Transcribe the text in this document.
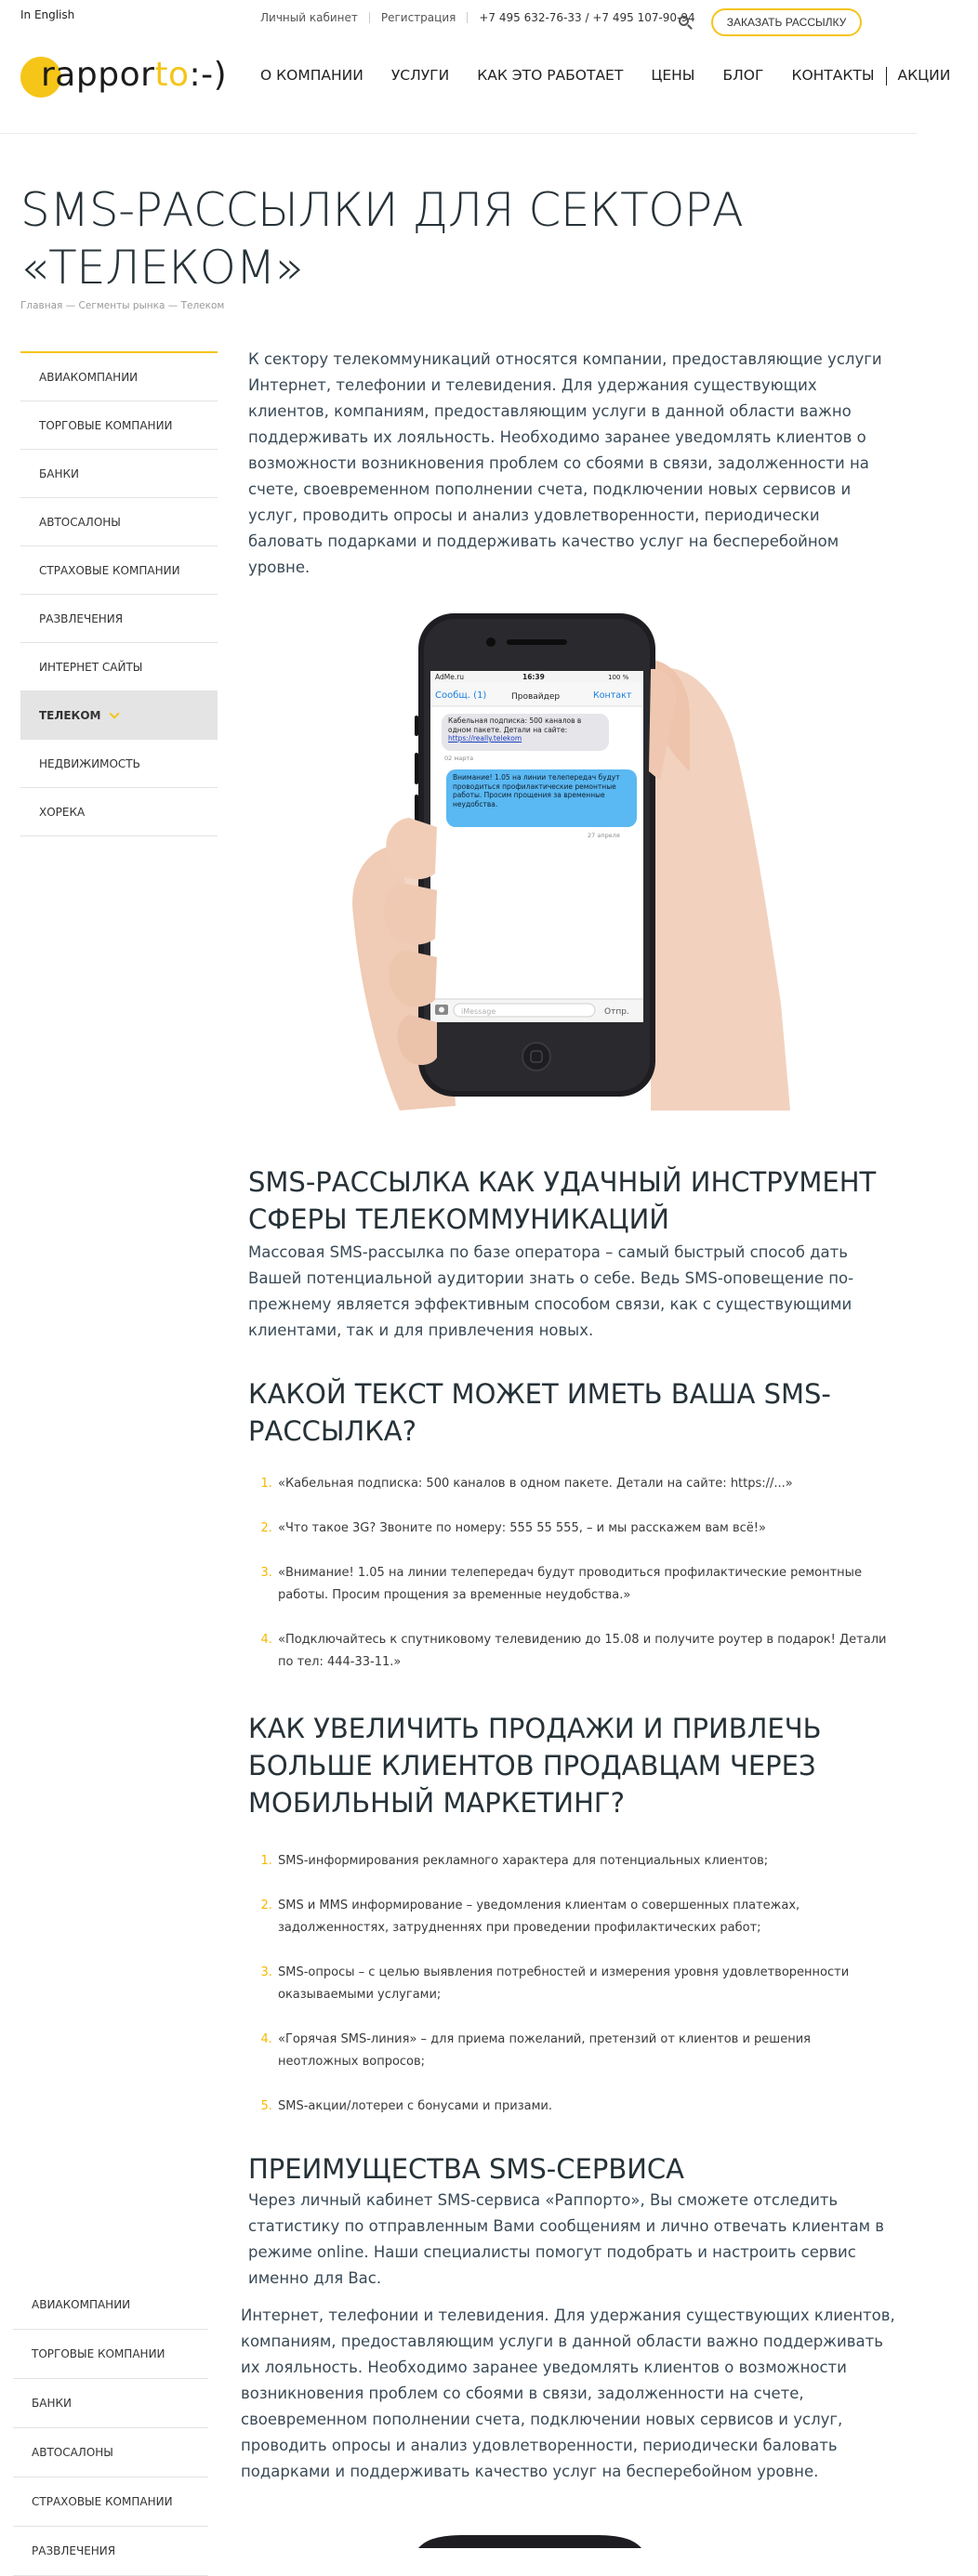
In English	Личный кабинет Регистрация +7 495 632-76-33 / +7 495 107-90-94	ЗАКАЗАТЬ РАССЫЛКУ
rapporto:-) О КОМПАНИИ УСЛУГИ КАК ЭТО РАБОТАЕТ ЦЕНЫ БЛОГ КОНТАКТЫ АКЦИИ
SMS-РАССЫЛКИ ДЛЯ СЕКТОРА «ТЕЛЕКОМ»
Главная — Сегменты рынка — Телеком
АВИАКОМПАНИИ
ТОРГОВЫЕ КОМПАНИИ
БАНКИ
АВТОСАЛОНЫ
СТРАХОВЫЕ КОМПАНИИ
РАЗВЛЕЧЕНИЯ
ИНТЕРНЕТ САЙТЫ
ТЕЛЕКОМ
НЕДВИЖИМОСТЬ
ХОРЕКА

К сектору телекоммуникаций относятся компании, предоставляющие услуги Интернет, телефонии и телевидения. Для удержания существующих клиентов, компаниям, предоставляющим услуги в данной области важно поддерживать их лояльность. Необходимо заранее уведомлять клиентов о возможности возникновения проблем со сбоями в связи, задолженности на счете, своевременном пополнении счета, подключении новых сервисов и услуг, проводить опросы и анализ удовлетворенности, периодически баловать подарками и поддерживать качество услуг на бесперебойном уровне.

AdMe.ru	16:39	100 %
Сообщ. (1)	Провайдер	Контакт
Кабельная подписка: 500 каналов в одном пакете. Детали на сайте: https://really.telekom
02 марта
Внимание! 1.05 на линии телепередач будут проводиться профилактические ремонтные работы. Просим прощения за временные неудобства.
27 апреля
iMessage	Отпр.
SMS-РАССЫЛКА КАК УДАЧНЫЙ ИНСТРУМЕНТ СФЕРЫ ТЕЛЕКОММУНИКАЦИЙ

Массовая SMS-рассылка по базе оператора – самый быстрый способ дать Вашей потенциальной аудитории знать о себе. Ведь SMS-оповещение по-прежнему является эффективным способом связи, как с существующими клиентами, так и для привлечения новых.

КАКОЙ ТЕКСТ МОЖЕТ ИМЕТЬ ВАША SMS-РАССЫЛКА?
1. «Кабельная подписка: 500 каналов в одном пакете. Детали на сайте: https://...»
2. «Что такое 3G? Звоните по номеру: 555 55 555, – и мы расскажем вам всё!»
3. «Внимание! 1.05 на линии телепередач будут проводиться профилактические ремонтные работы. Просим прощения за временные неудобства.»
4. «Подключайтесь к спутниковому телевидению до 15.08 и получите роутер в подарок! Детали по тел: 444-33-11.»
КАК УВЕЛИЧИТЬ ПРОДАЖИ И ПРИВЛЕЧЬ БОЛЬШЕ КЛИЕНТОВ ПРОДАВЦАМ ЧЕРЕЗ МОБИЛЬНЫЙ МАРКЕТИНГ?
1. SMS-информирования рекламного характера для потенциальных клиентов;
2. SMS и MMS информирование – уведомления клиентам о совершенных платежах, задолженностях, затрудненнях при проведении профилактических работ;
3. SMS-опросы – с целью выявления потребностей и измерения уровня удовлетворенности оказываемыми услугами;
4. «Горячая SMS-линия» – для приема пожеланий, претензий от клиентов и решения неотложных вопросов;
5. SMS-акции/лотереи с бонусами и призами.
ПРЕИМУЩЕСТВА SMS-СЕРВИСА

Через личный кабинет SMS-сервиса «Раппорто», Вы сможете отследить статистику по отправленным Вами сообщениям и лично отвечать клиентам в режиме online. Наши специалисты помогут подобрать и настроить сервис именно для Вас.

Интернет, телефонии и телевидения. Для удержания существующих клиентов, компаниям, предоставляющим услуги в данной области важно поддерживать их лояльность. Необходимо заранее уведомлять клиентов о возможности возникновения проблем со сбоями в связи, задолженности на счете, своевременном пополнении счета, подключении новых сервисов и услуг, проводить опросы и анализ удовлетворенности, периодически баловать подарками и поддерживать качество услуг на бесперебойном уровне.

АВИАКОМПАНИИ
ТОРГОВЫЕ КОМПАНИИ
БАНКИ
АВТОСАЛОНЫ
СТРАХОВЫЕ КОМПАНИИ
РАЗВЛЕЧЕНИЯ
